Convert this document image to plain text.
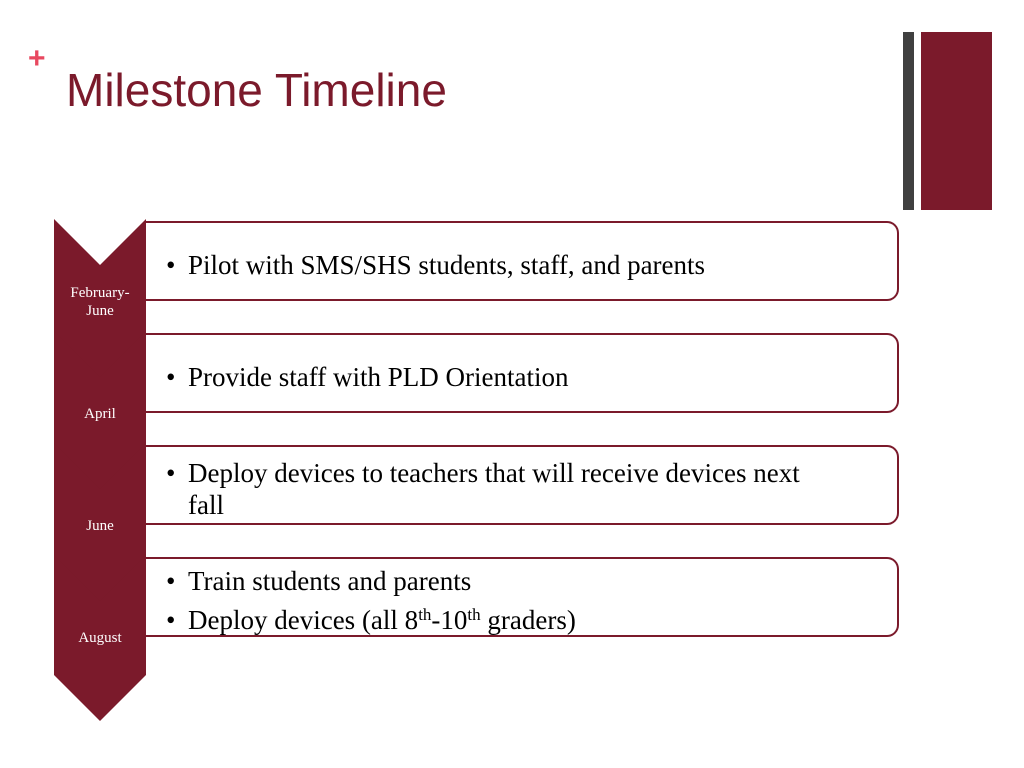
+
Milestone Timeline
February-
June
• Pilot with SMS/SHS students, staff, and parents
April
• Provide staff with PLD Orientation
June
• Deploy devices to teachers that will receive devices next fall
August
• Train students and parents
• Deploy devices (all 8th-10th graders)
